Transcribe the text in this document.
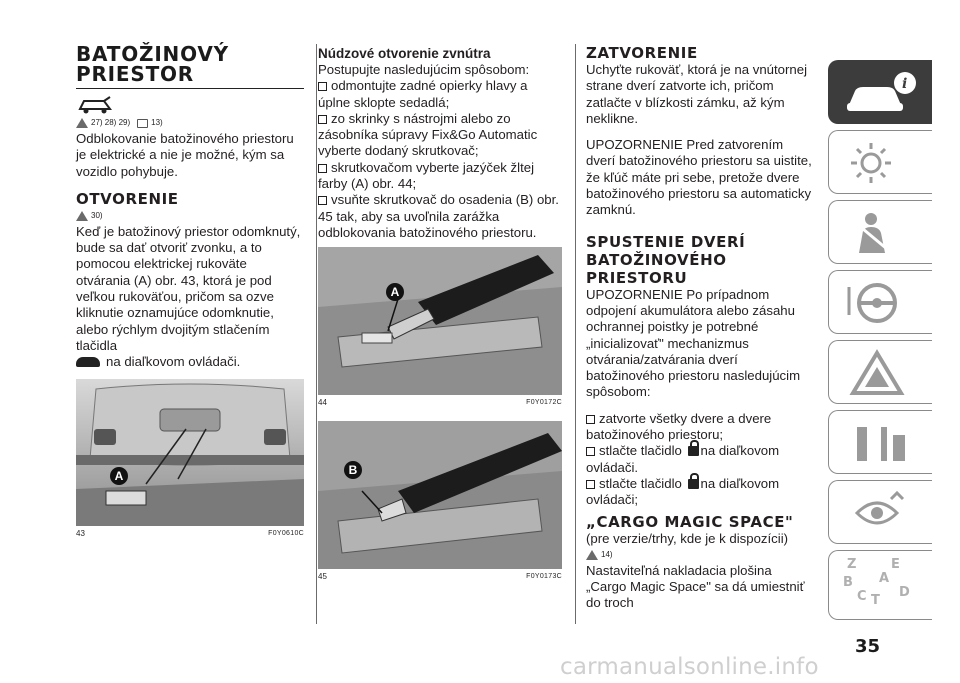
BATOŽINOVÝ
PRIESTOR
27) 28) 29)	13)
Odblokovanie batožinového priestoru je elektrické a nie je možné, kým sa vozidlo pohybuje.
OTVORENIE
30)
Keď je batožinový priestor odomknutý, bude sa dať otvoriť zvonku, a to pomocou elektrickej rukoväte otvárania (A) obr. 43, ktorá je pod veľkou rukoväťou, pričom sa ozve kliknutie oznamujúce odomknutie, alebo rýchlym dvojitým stlačením tlačidla
na diaľkovom ovládači.
A
43	F0Y0610C
Núdzové otvorenie zvnútra
Postupujte nasledujúcim spôsobom:
odmontujte zadné opierky hlavy a úplne sklopte sedadlá;
zo skrinky s nástrojmi alebo zo zásobníka súpravy Fix&Go Automatic vyberte dodaný skrutkovač;
skrutkovačom vyberte jazýček žltej farby (A) obr. 44;
vsuňte skrutkovač do osadenia (B) obr. 45 tak, aby sa uvoľnila zarážka odblokovania batožinového priestoru.
A
44	F0Y0172C
B
45	F0Y0173C
ZATVORENIE
Uchyťte rukoväť, ktorá je na vnútornej strane dverí zatvorte ich, pričom zatlačte v blízkosti zámku, až kým neklikne.
UPOZORNENIE Pred zatvorením dverí batožinového priestoru sa uistite, že kľúč máte pri sebe, pretože dvere batožinového priestoru sa automaticky zamknú.
SPUSTENIE DVERÍ
BATOŽINOVÉHO
PRIESTORU
UPOZORNENIE Po prípadnom odpojení akumulátora alebo zásahu ochrannej poistky je potrebné „inicializovať" mechanizmus otvárania/zatvárania dverí batožinového priestoru nasledujúcim spôsobom:
zatvorte všetky dvere a dvere batožinového priestoru;
stlačte tlačidlo na diaľkovom ovládači.
stlačte tlačidlo na diaľkovom ovládači;
„CARGO MAGIC SPACE"
(pre verzie/trhy, kde je k dispozícii)
14)
Nastaviteľná nakladacia plošina „Cargo Magic Space" sa dá umiestniť do troch
i
Z	E
B A
C T
D
35
carmanualsonline.info
